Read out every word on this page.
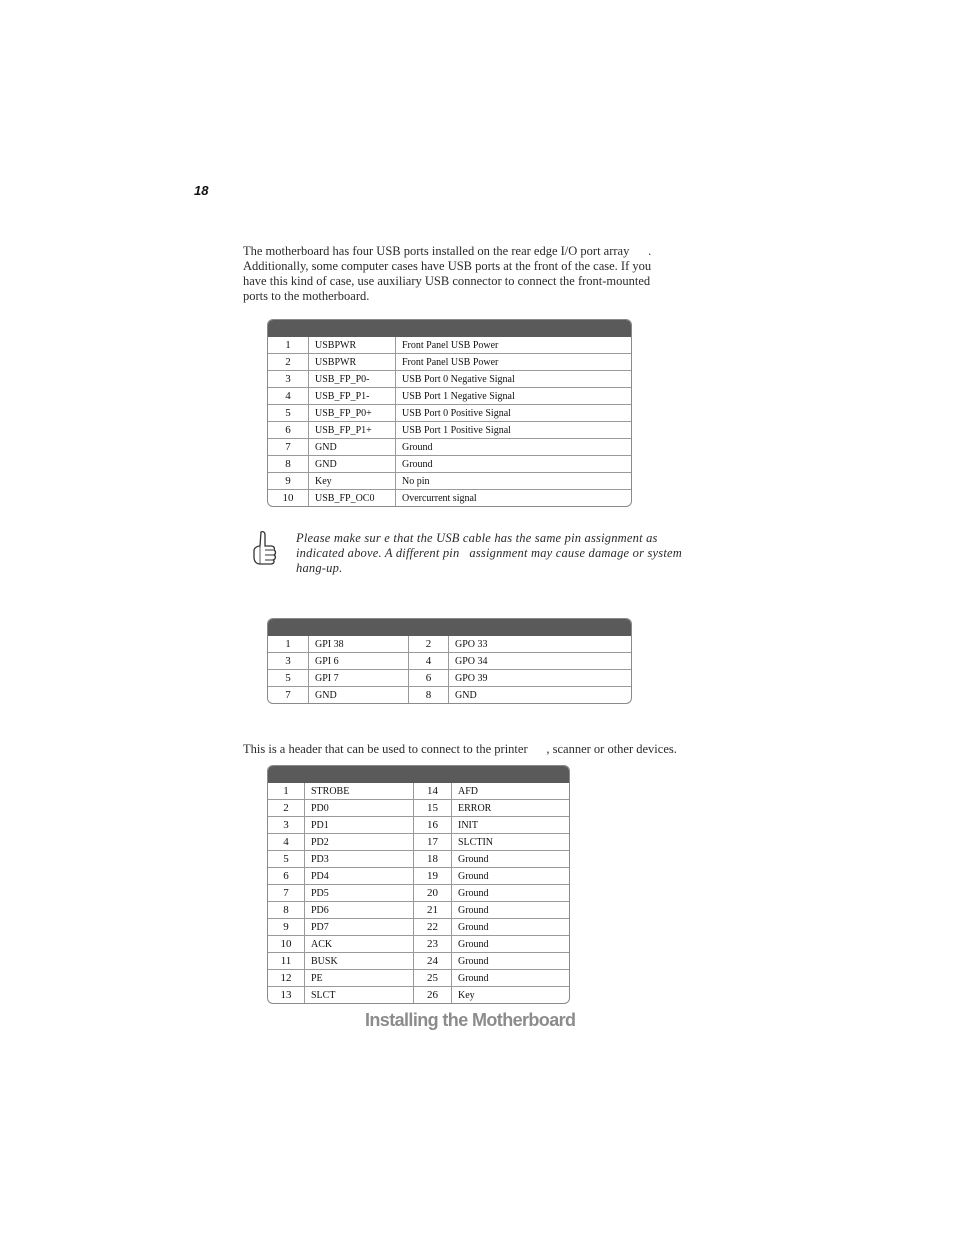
18
The motherboard has four USB ports installed on the rear edge I/O port array      .
Additionally, some computer cases have USB ports at the front of the case. If you
have this kind of case, use auxiliary USB connector to connect the front-mounted
ports to the motherboard.

1	USBPWR	Front Panel USB Power
2	USBPWR	Front Panel USB Power
3	USB_FP_P0-	USB Port 0 Negative Signal
4	USB_FP_P1-	USB Port 1 Negative Signal
5	USB_FP_P0+	USB Port 0 Positive Signal
6	USB_FP_P1+	USB Port 1 Positive Signal
7	GND	Ground
8	GND	Ground
9	Key	No pin
10	USB_FP_OC0	Overcurrent signal
Please make sur e that the USB cable has the same pin assignment as
indicated above. A different pin   assignment may cause damage or system
hang-up.

1	GPI 38	2	GPO 33
3	GPI 6	4	GPO 34
5	GPI 7	6	GPO 39
7	GND	8	GND
This is a header that can be used to connect to the printer      , scanner or other devices.

1	STROBE	14	AFD
2	PD0	15	ERROR
3	PD1	16	INIT
4	PD2	17	SLCTIN
5	PD3	18	Ground
6	PD4	19	Ground
7	PD5	20	Ground
8	PD6	21	Ground
9	PD7	22	Ground
10	ACK	23	Ground
11	BUSK	24	Ground
12	PE	25	Ground
13	SLCT	26	Key
Installing the Motherboard
